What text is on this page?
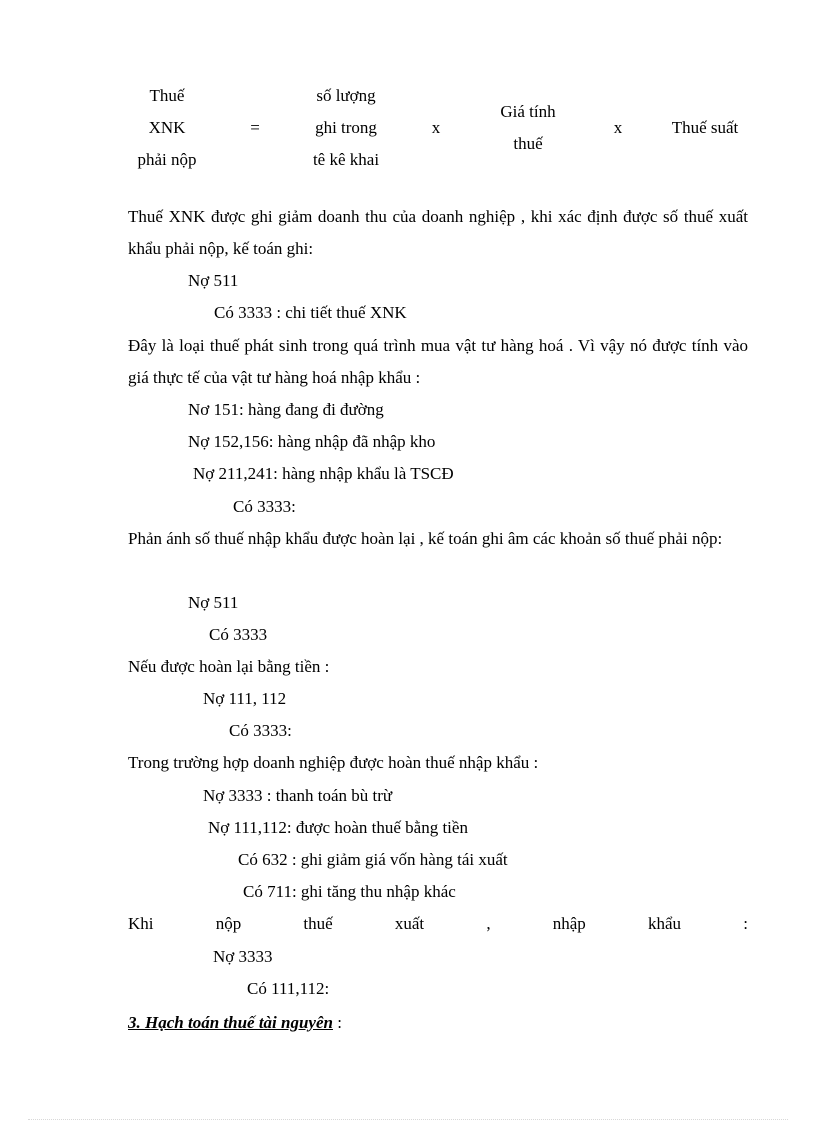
Thuế
XNK
phải nộp
=
số lượng
ghi trong
tê kê khai
x
Giá tính
thuế
x	Thuế suất
Thuế XNK được ghi giảm doanh thu của doanh nghiệp , khi xác định được số thuế xuất khẩu phải nộp, kế toán ghi:
Nợ 511
Có 3333 : chi tiết thuế XNK
Đây là loại thuế phát sinh trong quá trình mua vật tư hàng hoá . Vì vậy nó được tính vào giá thực tế của vật tư hàng hoá nhập khẩu :
Nơ 151: hàng đang đi đường
Nợ 152,156: hàng nhập đã nhập kho
Nợ 211,241: hàng nhập khẩu là TSCĐ
Có 3333:
Phản ánh số thuế nhập khẩu được hoàn lại , kế toán ghi âm các khoản số thuế phải nộp:
Nợ 511
Có 3333
Nếu được hoàn lại bằng tiền :
Nợ 111, 112
Có 3333:
Trong trường hợp doanh nghiệp được hoàn thuế nhập khẩu :
Nợ 3333 : thanh toán bù trừ
Nợ 111,112: được hoàn thuế bằng tiền
Có 632 : ghi giảm giá vốn hàng tái xuất
Có 711: ghi tăng thu nhập khác
Khi	nộp	thuế	xuất	,	nhập	khẩu	:
Nợ 3333
Có 111,112:
3. Hạch toán thuế tài nguyên :
